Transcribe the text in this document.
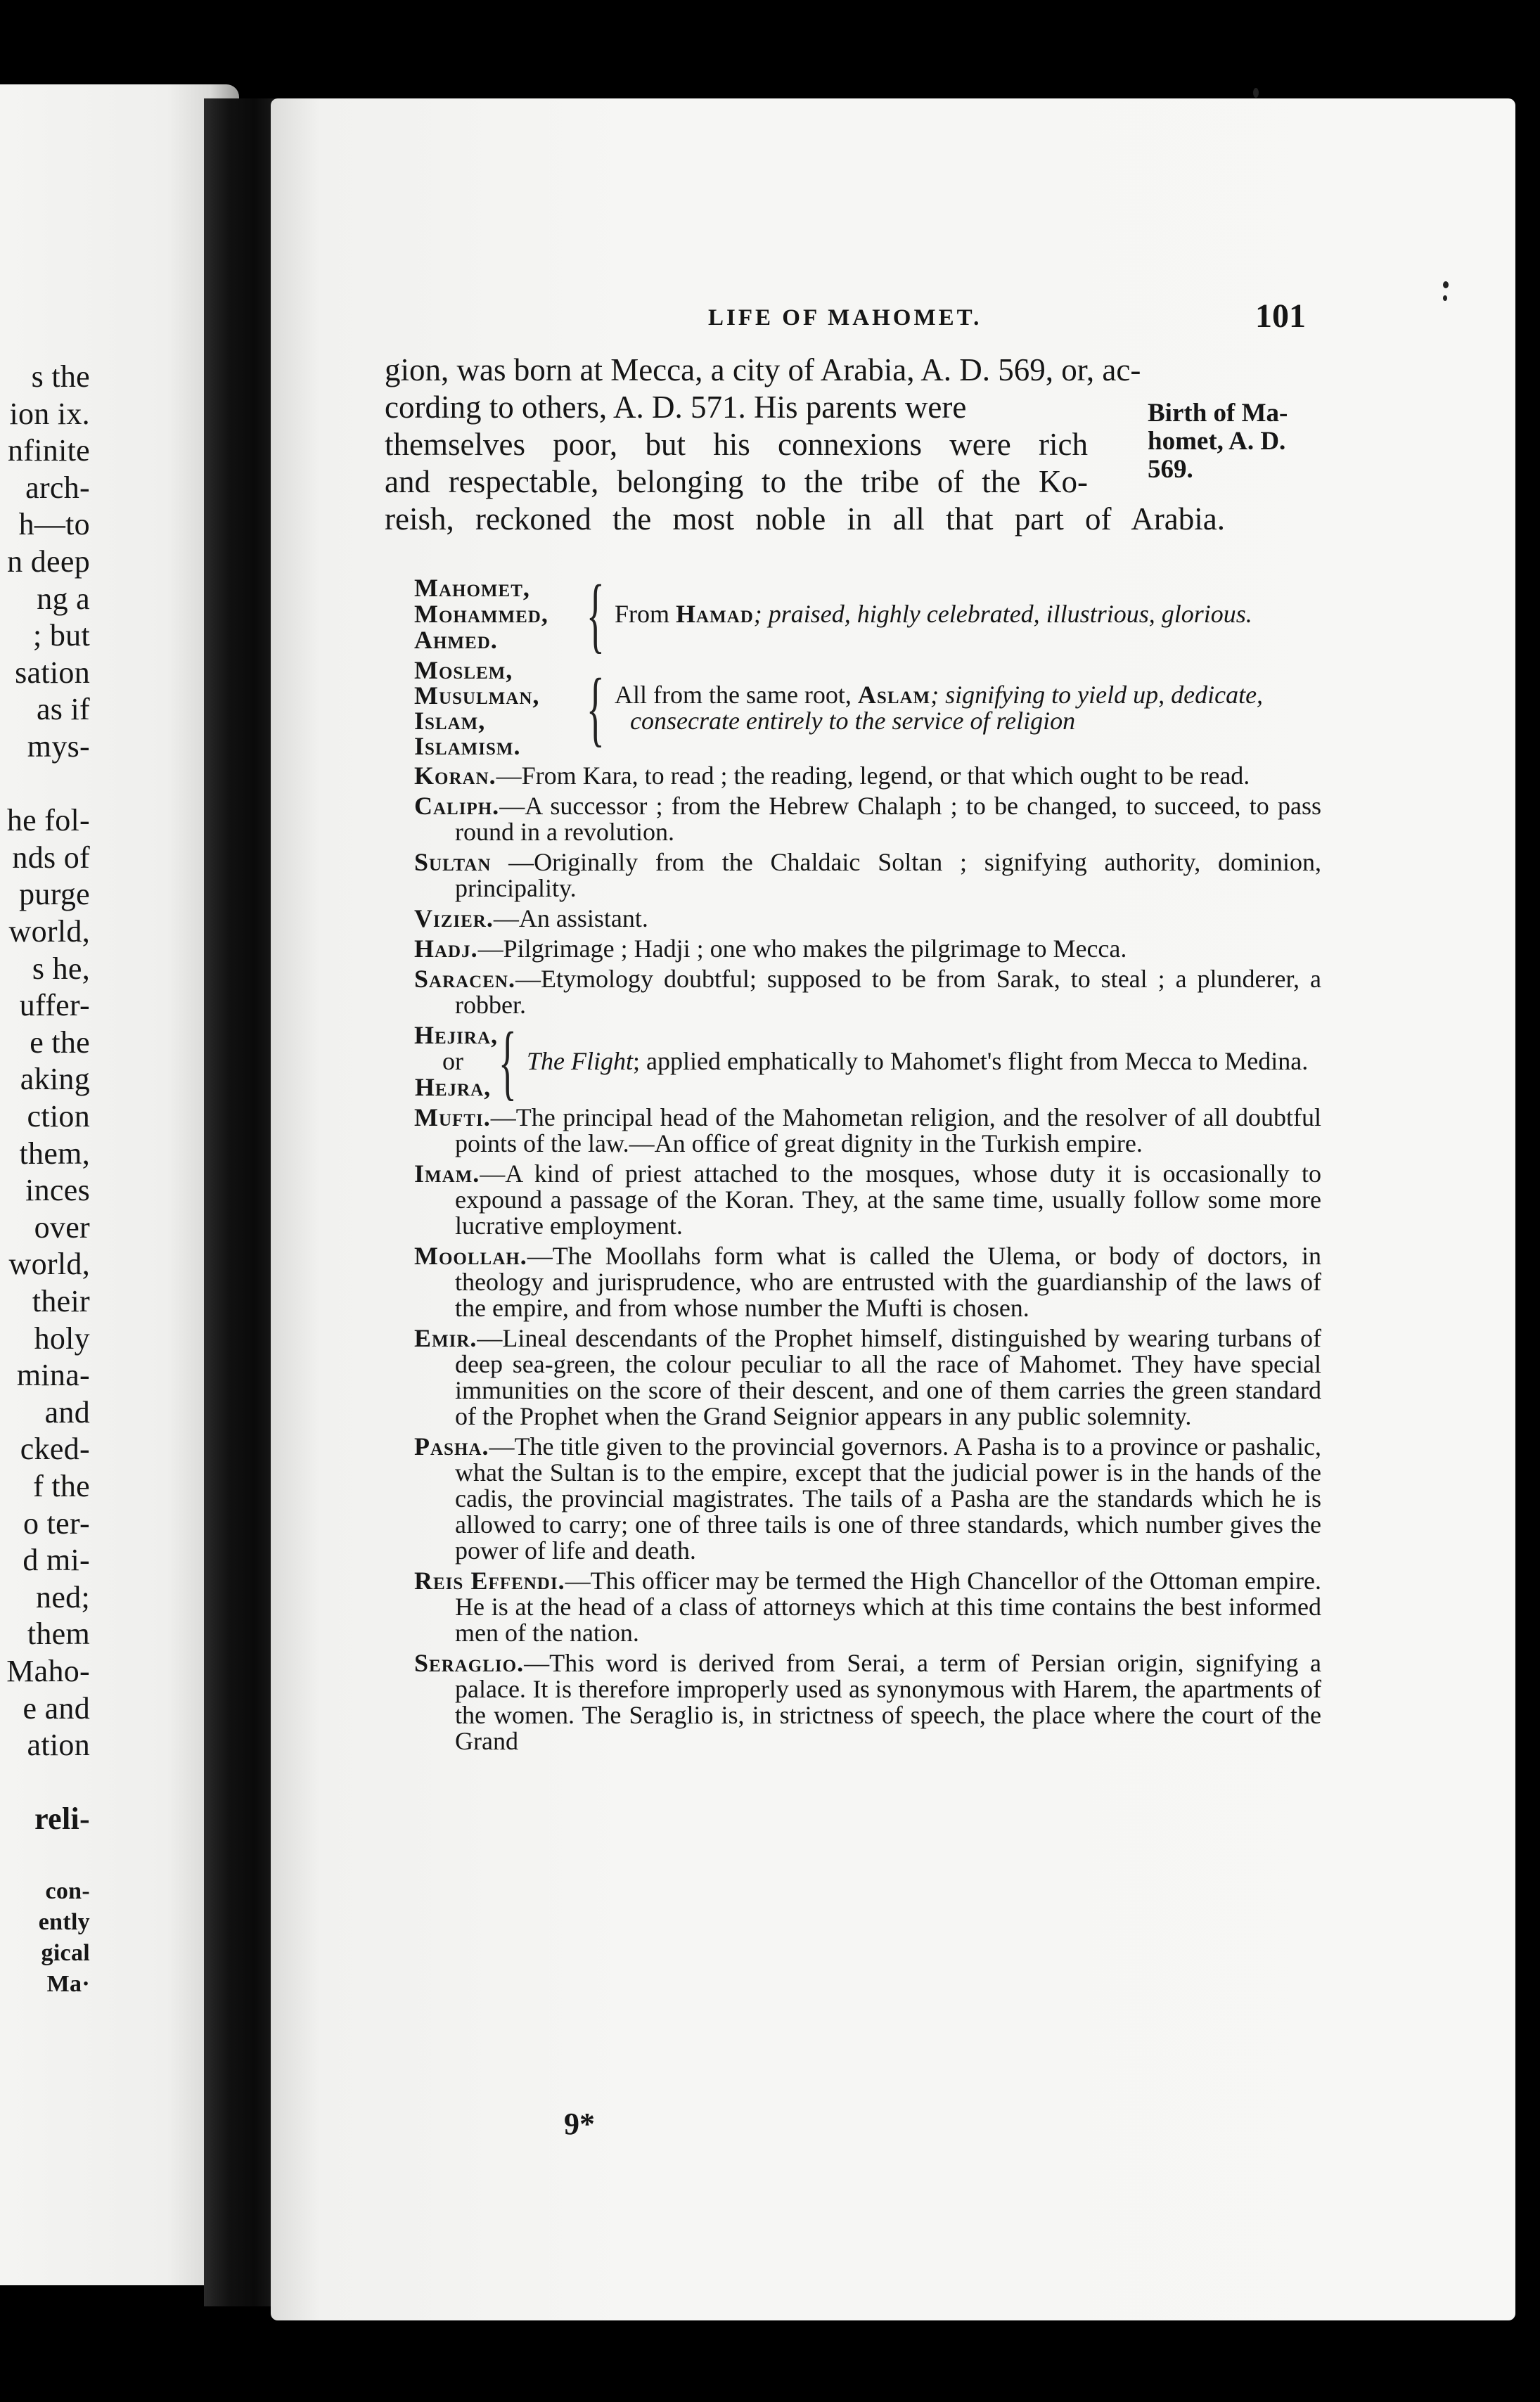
s the
ion ix.
nfinite
arch-
h—to
n deep
ng a
; but
sation
as if
mys-
he fol-
nds of
purge
world,
s he,
uffer-
e the
aking
ction
them,
inces
over
world,
their
holy
mina-
and
cked-
f the
o ter-
d mi-
ned;
them
Maho-
e and
ation
reli-
con-
ently
gical
Ma·
LIFE OF MAHOMET.	101
gion, was born at Mecca, a city of Arabia, A. D. 569, or, ac-
cording to others, A. D. 571. His parents were
themselves poor, but his connexions were rich
and respectable, belonging to the tribe of the Ko-
reish, reckoned the most noble in all that part of Arabia.
Birth of Ma-
homet, A. D.
569.
Mahomet,
Mohammed,
Ahmed.	{ From Hamad; praised, highly celebrated, illustrious, glorious.
Moslem,
Musulman,
Islam,
Islamism. { All from the same root, Aslam; signifying to yield up, dedicate, consecrate entirely to the service of religion
Koran.—From Kara, to read ; the reading, legend, or that which ought to be read.
Caliph.—A successor ; from the Hebrew Chalaph ; to be changed, to succeed, to pass round in a revolution.
Sultan —Originally from the Chaldaic Soltan ; signifying authority, dominion, principality.
Vizier.—An assistant.
Hadj.—Pilgrimage ; Hadji ; one who makes the pilgrimage to Mecca.
Saracen.—Etymology doubtful; supposed to be from Sarak, to steal ; a plunderer, a robber.
Hejira,
or
Hejra, { The Flight; applied emphatically to Mahomet's flight from Mecca to Medina.
Mufti.—The principal head of the Mahometan religion, and the resolver of all doubtful points of the law.—An office of great dignity in the Turkish empire.
Imam.—A kind of priest attached to the mosques, whose duty it is occasionally to expound a passage of the Koran. They, at the same time, usually follow some more lucrative employment.
Moollah.—The Moollahs form what is called the Ulema, or body of doctors, in theology and jurisprudence, who are entrusted with the guardianship of the laws of the empire, and from whose number the Mufti is chosen.
Emir.—Lineal descendants of the Prophet himself, distinguished by wearing turbans of deep sea-green, the colour peculiar to all the race of Mahomet. They have special immunities on the score of their descent, and one of them carries the green standard of the Prophet when the Grand Seignior appears in any public solemnity.
Pasha.—The title given to the provincial governors. A Pasha is to a province or pashalic, what the Sultan is to the empire, except that the judicial power is in the hands of the cadis, the provincial magistrates. The tails of a Pasha are the standards which he is allowed to carry; one of three tails is one of three standards, which number gives the power of life and death.
Reis Effendi.—This officer may be termed the High Chancellor of the Ottoman empire. He is at the head of a class of attorneys which at this time contains the best informed men of the nation.
Seraglio.—This word is derived from Serai, a term of Persian origin, signifying a palace. It is therefore improperly used as synonymous with Harem, the apartments of the women. The Seraglio is, in strictness of speech, the place where the court of the Grand
9*
